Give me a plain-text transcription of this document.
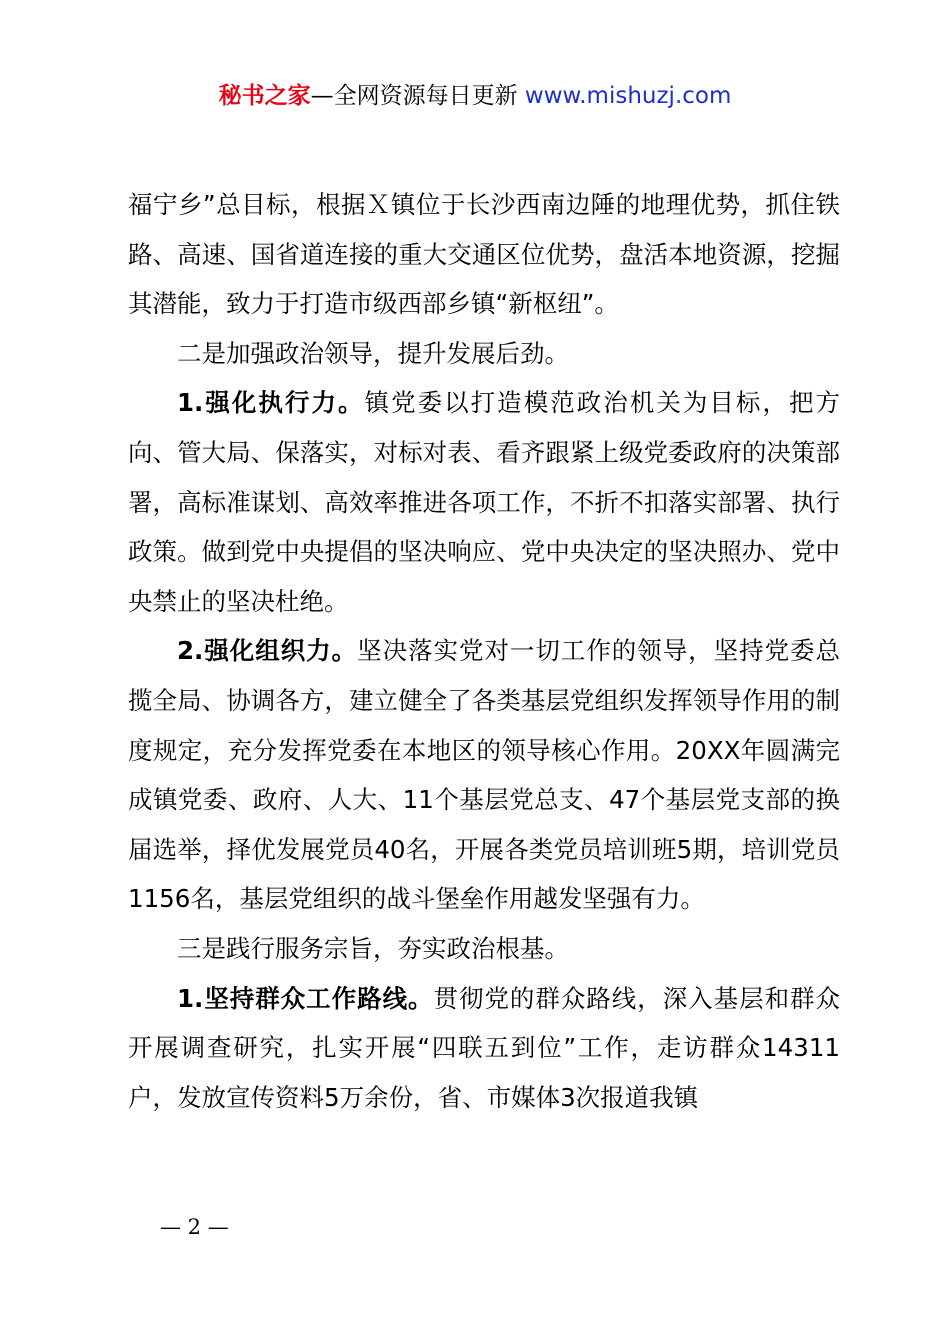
秘书之家—全网资源每日更新 www.mishuzj.com

福宁乡”总目标，根据Ｘ镇位于长沙西南边陲的地理优势，抓住铁路、高速、国省道连接的重大交通区位优势，盘活本地资源，挖掘其潜能，致力于打造市级西部乡镇“新枢纽”。

二是加强政治领导，提升发展后劲。

1.强化执行力。镇党委以打造模范政治机关为目标，把方向、管大局、保落实，对标对表、看齐跟紧上级党委政府的决策部署，高标准谋划、高效率推进各项工作，不折不扣落实部署、执行政策。做到党中央提倡的坚决响应、党中央决定的坚决照办、党中央禁止的坚决杜绝。

2.强化组织力。坚决落实党对一切工作的领导，坚持党委总揽全局、协调各方，建立健全了各类基层党组织发挥领导作用的制度规定，充分发挥党委在本地区的领导核心作用。20XX年圆满完成镇党委、政府、人大、11个基层党总支、47个基层党支部的换届选举，择优发展党员40名，开展各类党员培训班5期，培训党员1156名，基层党组织的战斗堡垒作用越发坚强有力。

三是践行服务宗旨，夯实政治根基。

1.坚持群众工作路线。贯彻党的群众路线，深入基层和群众开展调查研究，扎实开展“四联五到位”工作，走访群众14311户，发放宣传资料5万余份，省、市媒体3次报道我镇

— 2 —
